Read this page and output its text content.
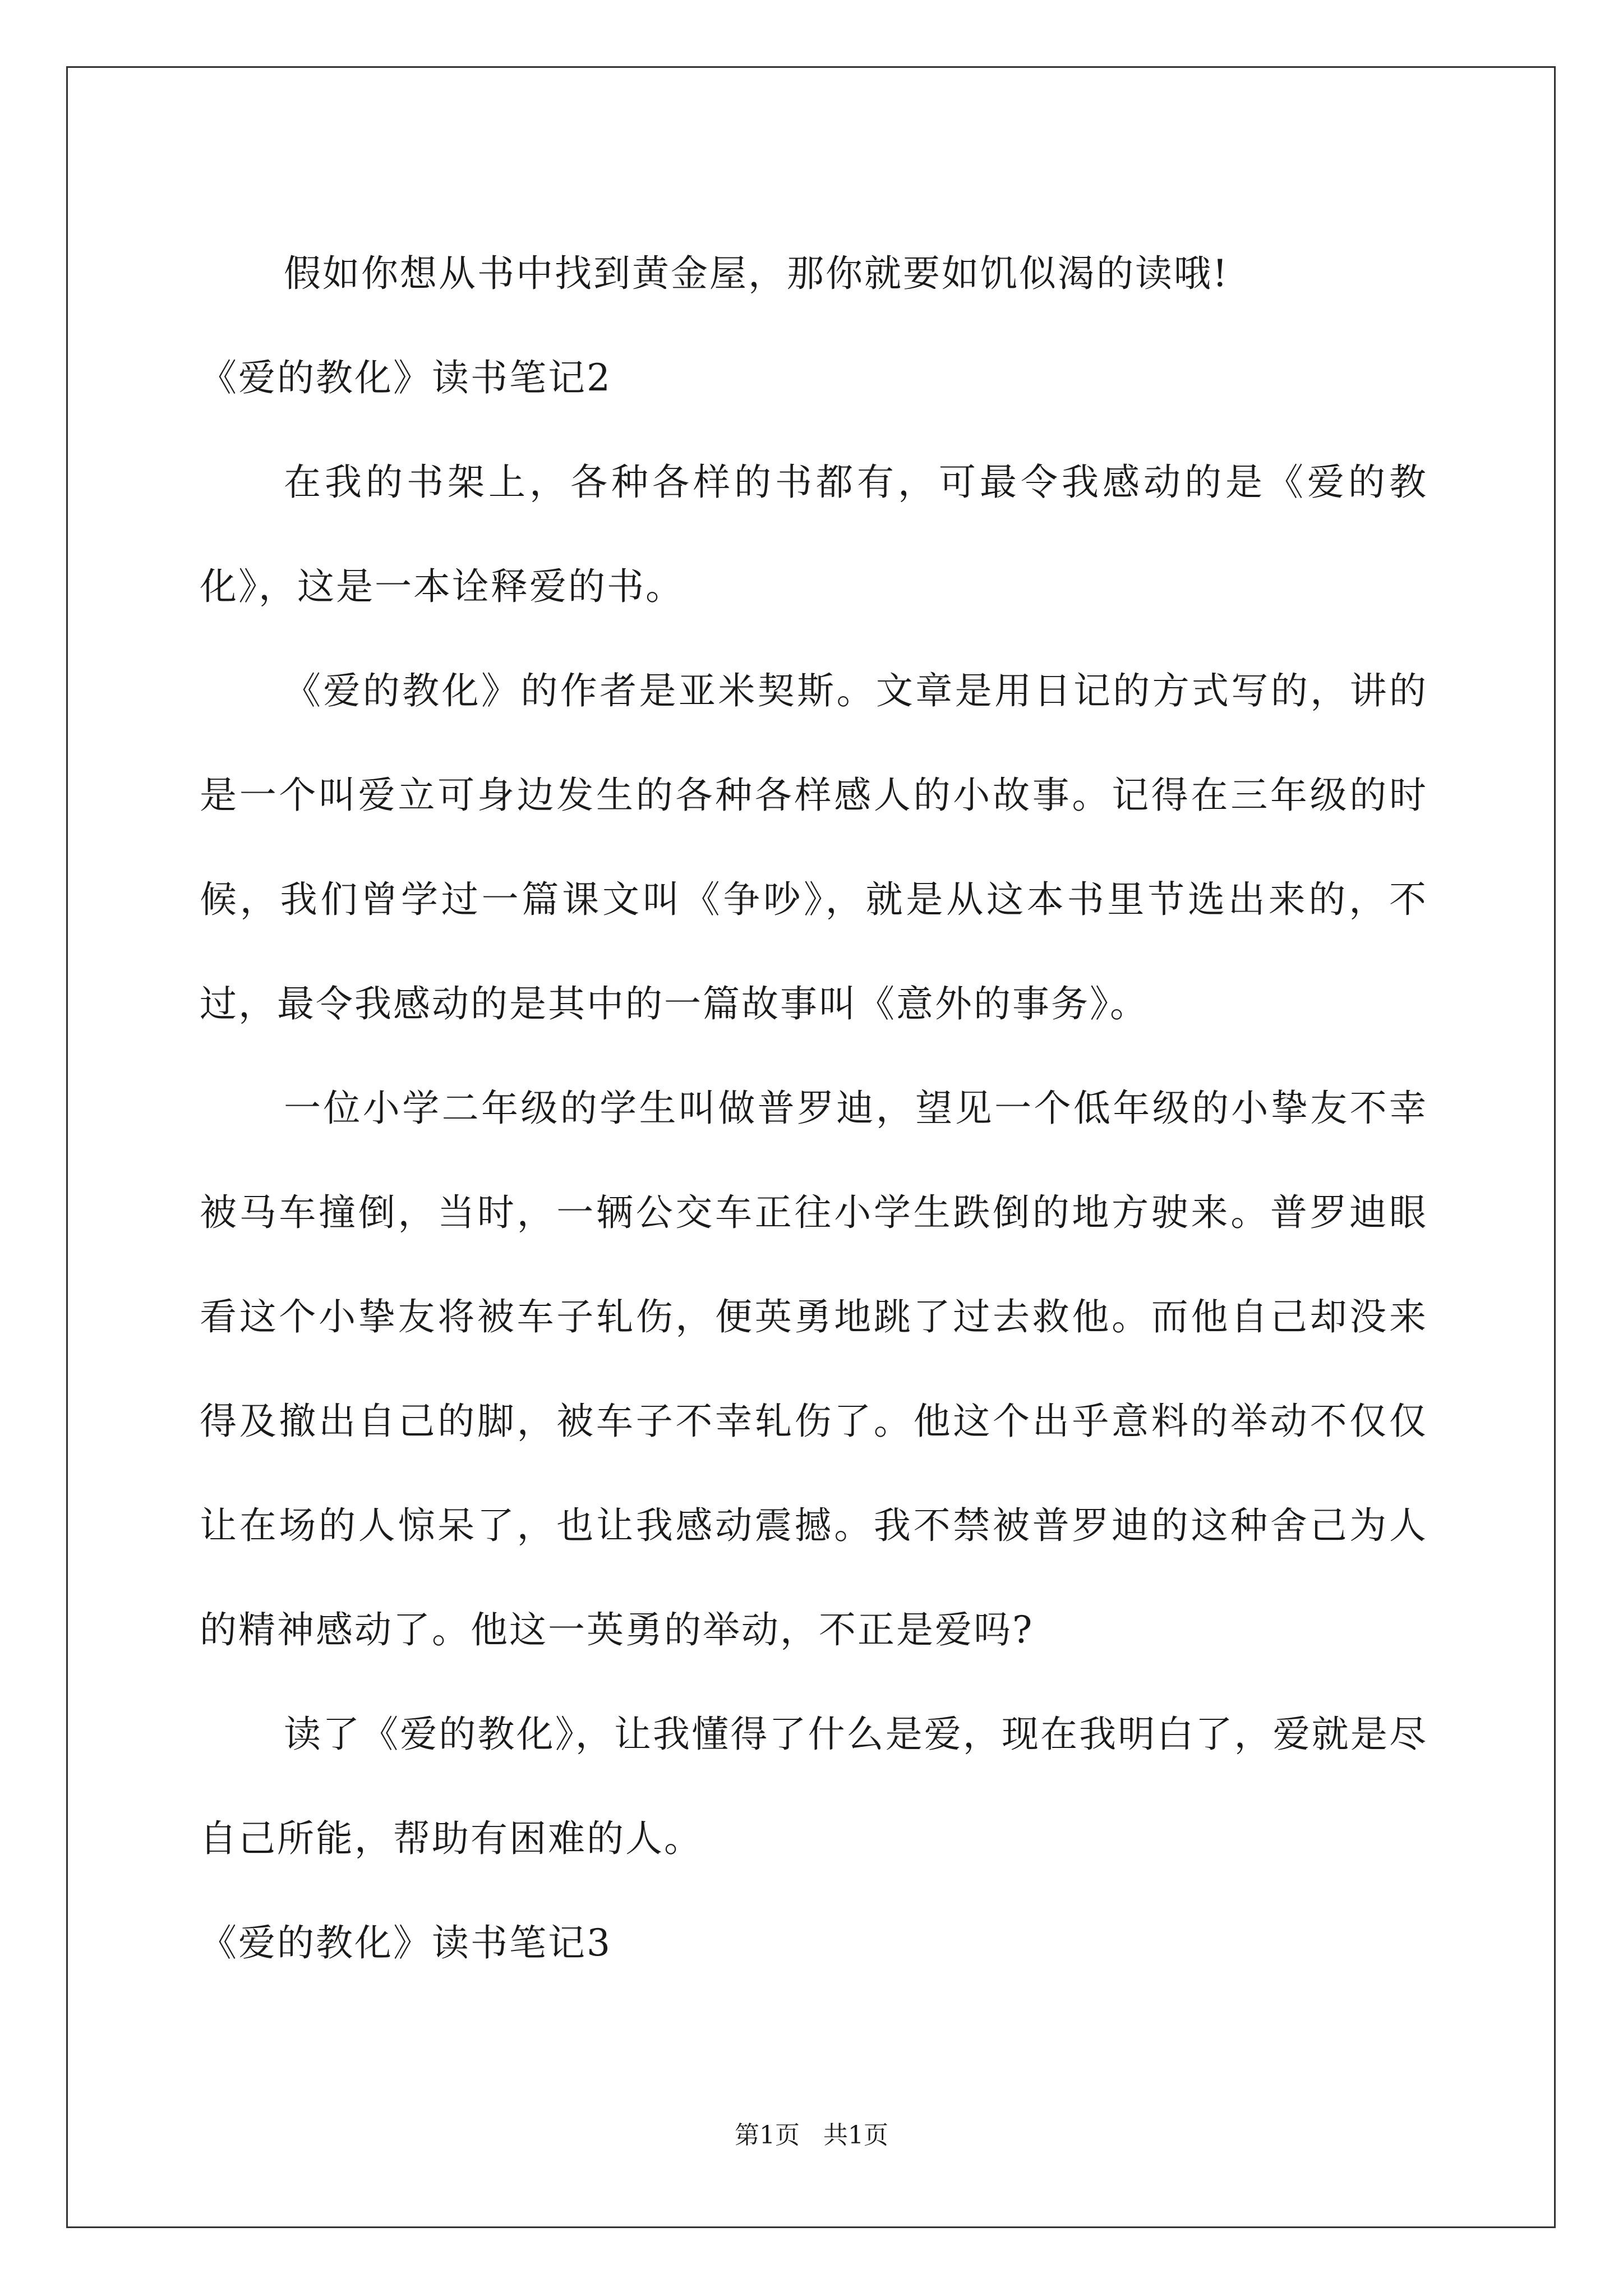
假如你想从书中找到黄金屋，那你就要如饥似渴的读哦!

《爱的教化》读书笔记2

在我的书架上，各种各样的书都有，可最令我感动的是《爱的教化》，这是一本诠释爱的书。

《爱的教化》的作者是亚米契斯。文章是用日记的方式写的，讲的是一个叫爱立可身边发生的各种各样感人的小故事。记得在三年级的时候，我们曾学过一篇课文叫《争吵》，就是从这本书里节选出来的，不过，最令我感动的是其中的一篇故事叫《意外的事务》。

一位小学二年级的学生叫做普罗迪，望见一个低年级的小挚友不幸被马车撞倒，当时，一辆公交车正往小学生跌倒的地方驶来。普罗迪眼看这个小挚友将被车子轧伤，便英勇地跳了过去救他。而他自己却没来得及撤出自己的脚，被车子不幸轧伤了。他这个出乎意料的举动不仅仅让在场的人惊呆了，也让我感动震撼。我不禁被普罗迪的这种舍己为人的精神感动了。他这一英勇的举动，不正是爱吗?

读了《爱的教化》，让我懂得了什么是爱，现在我明白了，爱就是尽自己所能，帮助有困难的人。

《爱的教化》读书笔记3

第1页 共1页
